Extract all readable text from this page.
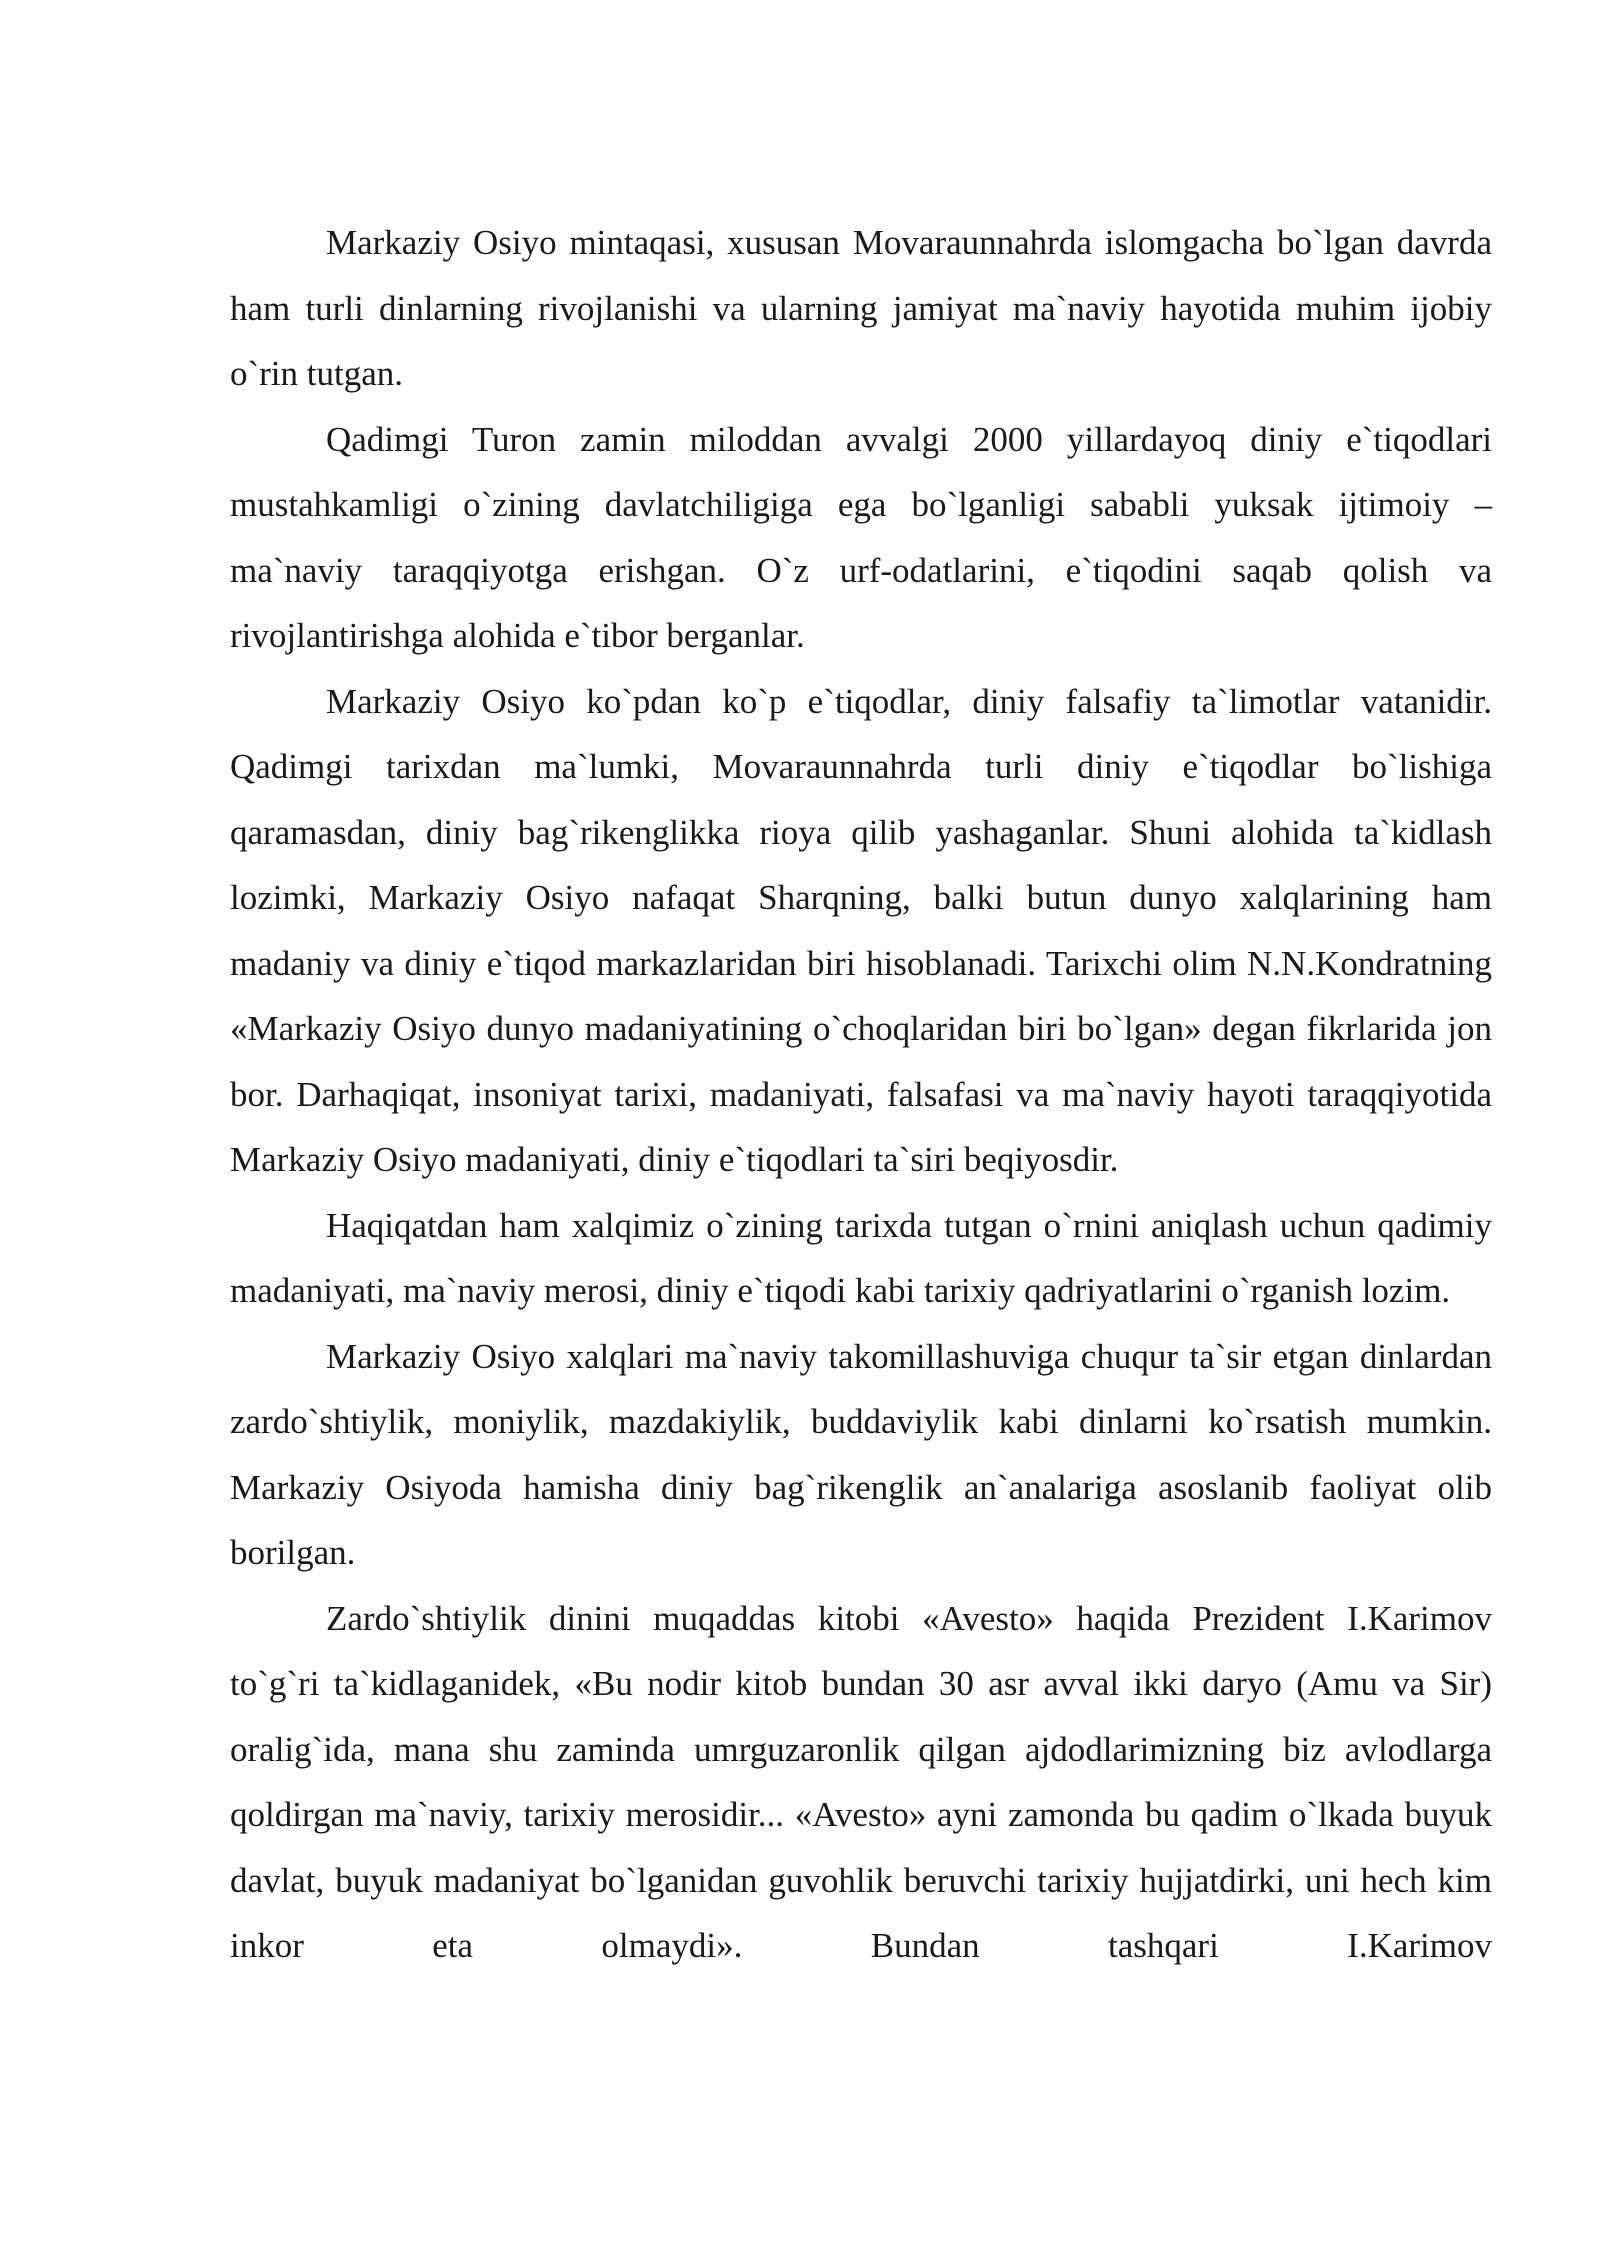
Markaziy Osiyo mintaqasi, xususan Movaraunnahrda islomgacha bo`lgan davrda ham turli dinlarning rivojlanishi va ularning jamiyat ma`naviy hayotida muhim ijobiy o`rin tutgan.

Qadimgi Turon zamin miloddan avvalgi 2000 yillardayoq diniy e`tiqodlari mustahkamligi o`zining davlatchiligiga ega bo`lganligi sababli yuksak ijtimoiy – ma`naviy taraqqiyotga erishgan. O`z urf-odatlarini, e`tiqodini saqab qolish va rivojlantirishga alohida e`tibor berganlar.

Markaziy Osiyo ko`pdan ko`p e`tiqodlar, diniy falsafiy ta`limotlar vatanidir. Qadimgi tarixdan ma`lumki, Movaraunnahrda turli diniy e`tiqodlar bo`lishiga qaramasdan, diniy bag`rikenglikka rioya qilib yashaganlar. Shuni alohida ta`kidlash lozimki, Markaziy Osiyo nafaqat Sharqning, balki butun dunyo xalqlarining ham madaniy va diniy e`tiqod markazlaridan biri hisoblanadi. Tarixchi olim N.N.Kondratning «Markaziy Osiyo dunyo madaniyatining o`choqlaridan biri bo`lgan» degan fikrlarida jon bor. Darhaqiqat, insoniyat tarixi, madaniyati, falsafasi va ma`naviy hayoti taraqqiyotida Markaziy Osiyo madaniyati, diniy e`tiqodlari ta`siri beqiyosdir.

Haqiqatdan ham xalqimiz o`zining tarixda tutgan o`rnini aniqlash uchun qadimiy madaniyati, ma`naviy merosi, diniy e`tiqodi kabi tarixiy qadriyatlarini o`rganish lozim.

Markaziy Osiyo xalqlari ma`naviy takomillashuviga chuqur ta`sir etgan dinlardan zardo`shtiylik, moniylik, mazdakiylik, buddaviylik kabi dinlarni ko`rsatish mumkin. Markaziy Osiyoda hamisha diniy bag`rikenglik an`analariga asoslanib faoliyat olib borilgan.

Zardo`shtiylik dinini muqaddas kitobi «Avesto» haqida Prezident I.Karimov to`g`ri ta`kidlaganidek, «Bu nodir kitob bundan 30 asr avval ikki daryo (Amu va Sir) oralig`ida, mana shu zaminda umrguzaronlik qilgan ajdodlarimizning biz avlodlarga qoldirgan ma`naviy, tarixiy merosidir... «Avesto» ayni zamonda bu qadim o`lkada buyuk davlat, buyuk madaniyat bo`lganidan guvohlik beruvchi tarixiy hujjatdirki, uni hech kim inkor eta olmaydi». Bundan tashqari I.Karimov
